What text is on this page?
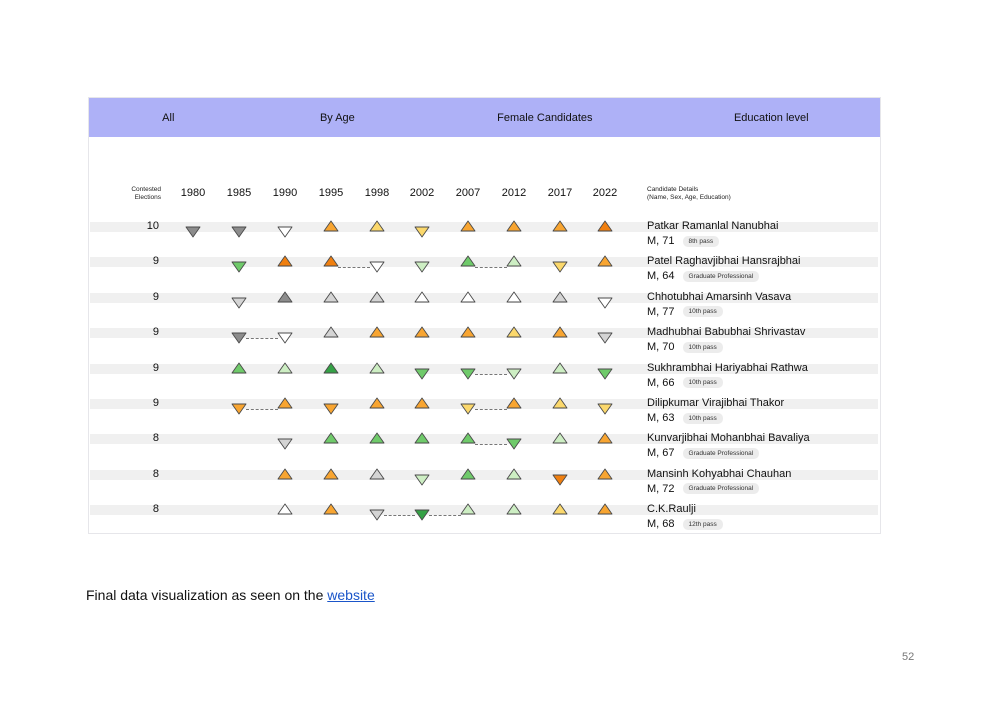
All	By Age	Female Candidates	Education level
Contested
Elections
Candidate Details
(Name, Sex, Age, Education)
1980	1985	1990	1995	1998	2002	2007	2012	2017	2022
10	Patkar Ramanlal Nanubhai
M, 71	8th pass
9	Patel Raghavjibhai Hansrajbhai
M, 64	Graduate Professional
9	Chhotubhai Amarsinh Vasava
M, 77	10th pass
9	Madhubhai Babubhai Shrivastav
M, 70	10th pass
9	Sukhrambhai Hariyabhai Rathwa
M, 66	10th pass
9	Dilipkumar Virajibhai Thakor
M, 63	10th pass
8	Kunvarjibhai Mohanbhai Bavaliya
M, 67	Graduate Professional
8	Mansinh Kohyabhai Chauhan
M, 72	Graduate Professional
8	C.K.Raulji
M, 68	12th pass
Final data visualization as seen on the website
52
